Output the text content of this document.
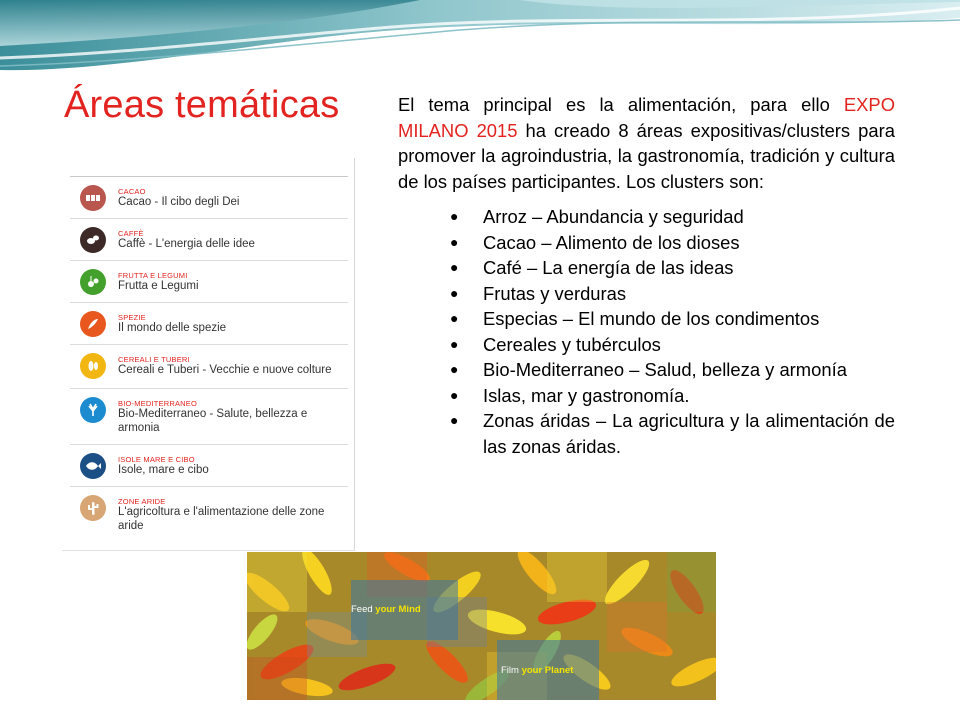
Áreas temáticas	El tema principal es la alimentación, para ello EXPO MILANO 2015 ha creado 8 áreas expositivas/clusters para promover la agroindustria, la gastronomía, tradición y cultura de los países participantes. Los clusters son:

● Arroz – Abundancia y seguridad
● Cacao – Alimento de los dioses
● Café – La energía de las ideas
● Frutas y verduras
● Especias – El mundo de los condimentos
● Cereales y tubérculos
● Bio-Mediterraneo – Salud, belleza y armonía
● Islas, mar y gastronomía.
● Zonas áridas – La agricultura y la alimentación de las zonas áridas.
CACAO
Cacao - Il cibo degli Dei
CAFFÈ
Caffè - L'energia delle idee
FRUTTA E LEGUMI
Frutta e Legumi
SPEZIE
Il mondo delle spezie
CEREALI E TUBERI
Cereali e Tuberi - Vecchie e nuove colture
BIO-MEDITERRANEO
Bio-Mediterraneo - Salute, bellezza e armonia
ISOLE MARE E CIBO
Isole, mare e cibo
ZONE ARIDE
L'agricoltura e l'alimentazione delle zone aride
Feed your Mind
Film your Planet
